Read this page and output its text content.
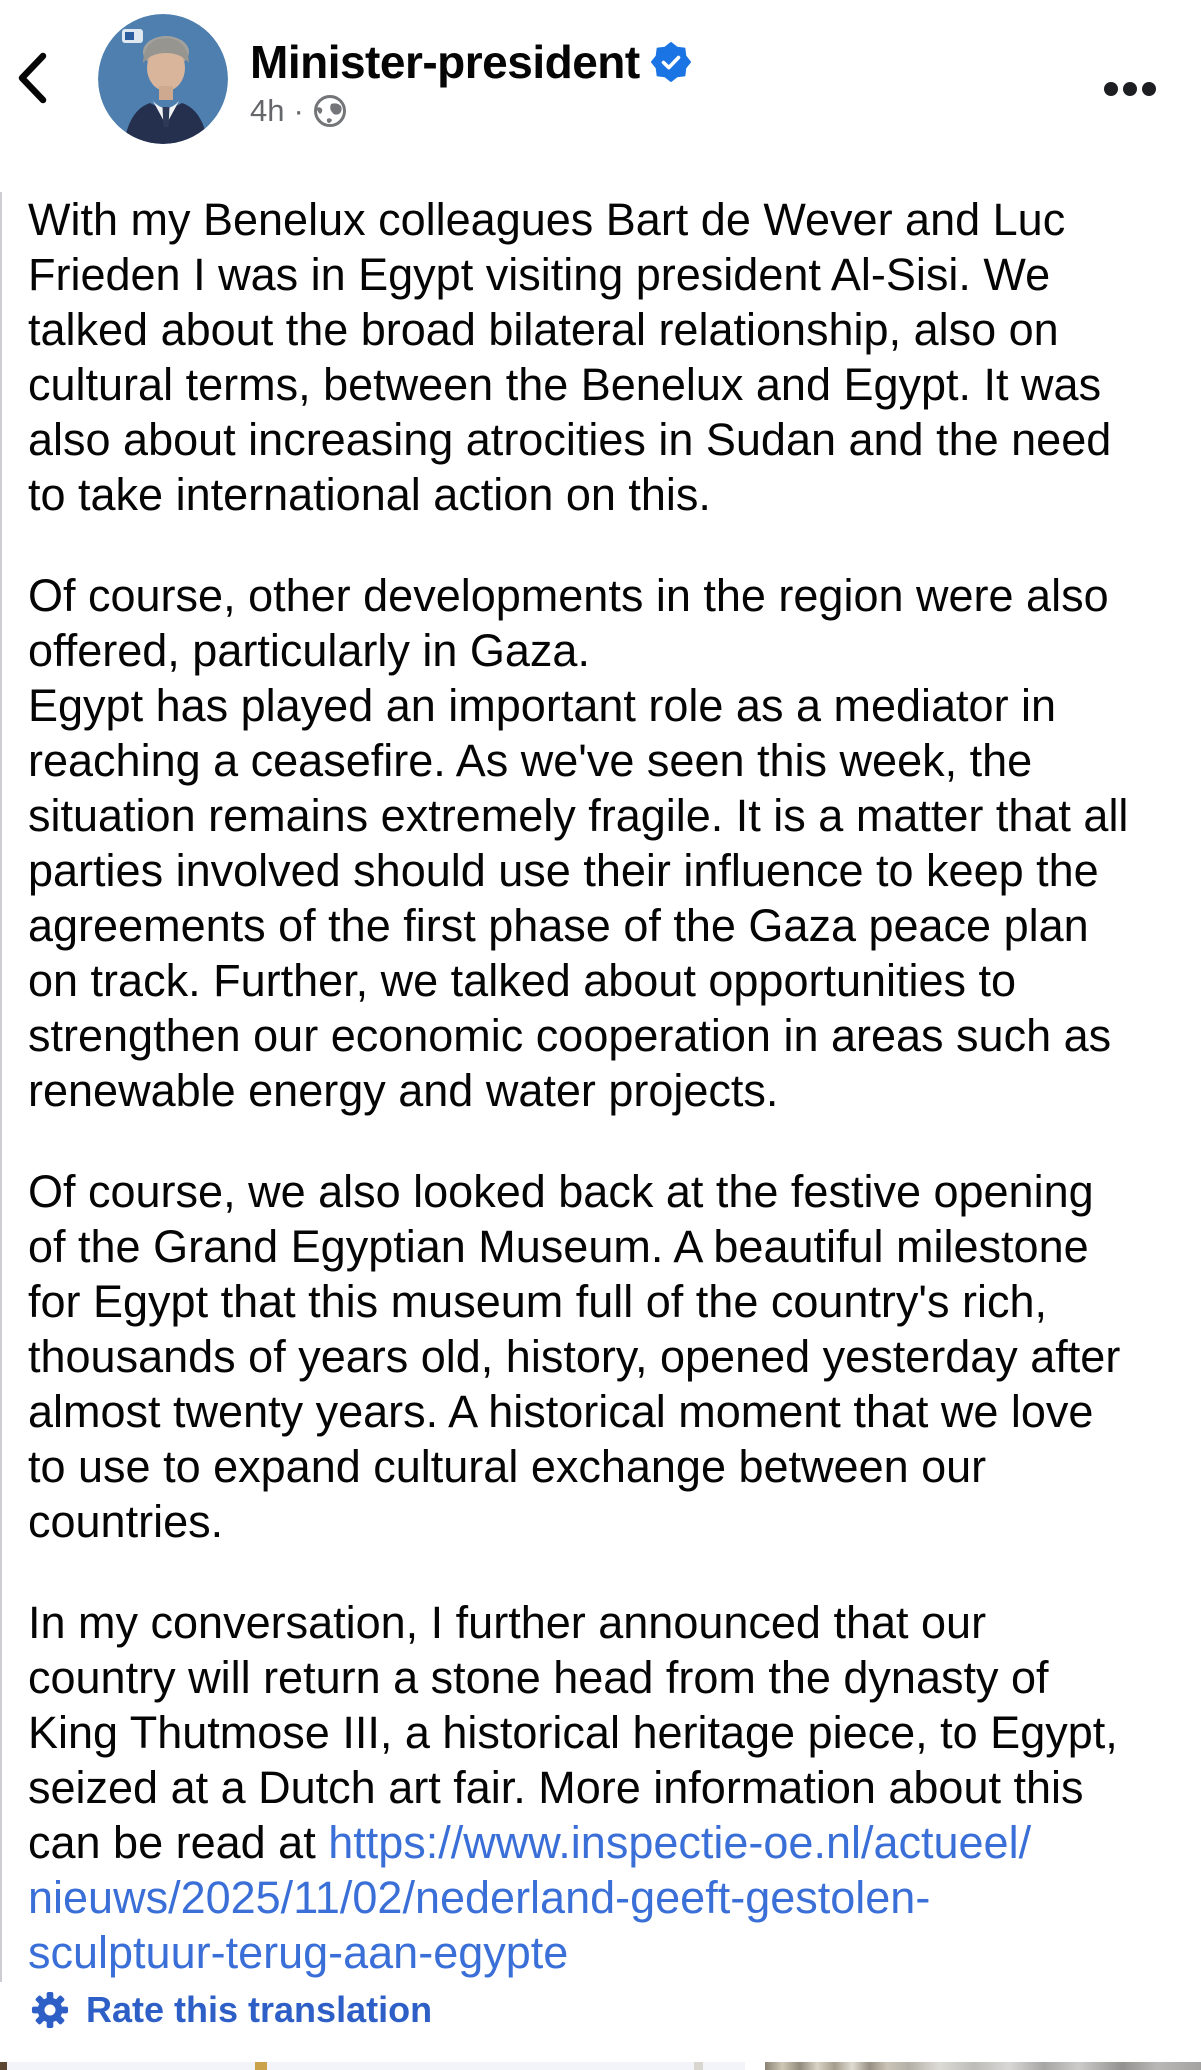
Minister-president
4h ·
With my Benelux colleagues Bart de Wever and Luc
Frieden I was in Egypt visiting president Al-Sisi. We
talked about the broad bilateral relationship, also on
cultural terms, between the Benelux and Egypt. It was
also about increasing atrocities in Sudan and the need
to take international action on this.
Of course, other developments in the region were also
offered, particularly in Gaza.
Egypt has played an important role as a mediator in
reaching a ceasefire. As we've seen this week, the
situation remains extremely fragile. It is a matter that all
parties involved should use their influence to keep the
agreements of the first phase of the Gaza peace plan
on track. Further, we talked about opportunities to
strengthen our economic cooperation in areas such as
renewable energy and water projects.
Of course, we also looked back at the festive opening
of the Grand Egyptian Museum. A beautiful milestone
for Egypt that this museum full of the country's rich,
thousands of years old, history, opened yesterday after
almost twenty years. A historical moment that we love
to use to expand cultural exchange between our
countries.
In my conversation, I further announced that our
country will return a stone head from the dynasty of
King Thutmose III, a historical heritage piece, to Egypt,
seized at a Dutch art fair. More information about this
can be read at https://www.inspectie-oe.nl/actueel/
nieuws/2025/11/02/nederland-geeft-gestolen-
sculptuur-terug-aan-egypte
Rate this translation
